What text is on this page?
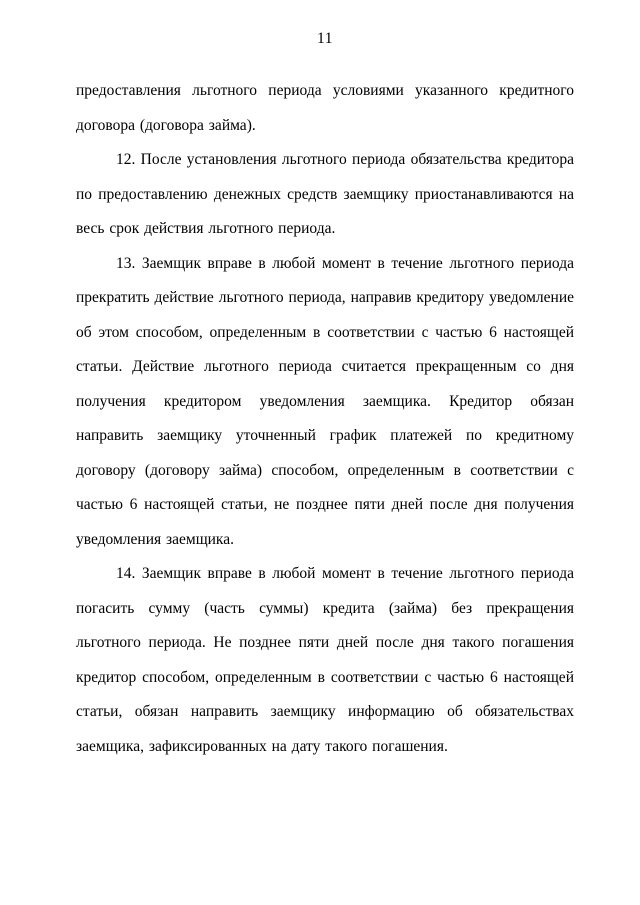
11

предоставления льготного периода условиями указанного кредитного договора (договора займа).

12. После установления льготного периода обязательства кредитора по предоставлению денежных средств заемщику приостанавливаются на весь срок действия льготного периода.

13. Заемщик вправе в любой момент в течение льготного периода прекратить действие льготного периода, направив кредитору уведомление об этом способом, определенным в соответствии с частью 6 настоящей статьи. Действие льготного периода считается прекращенным со дня получения кредитором уведомления заемщика. Кредитор обязан направить заемщику уточненный график платежей по кредитному договору (договору займа) способом, определенным в соответствии с частью 6 настоящей статьи, не позднее пяти дней после дня получения уведомления заемщика.

14. Заемщик вправе в любой момент в течение льготного периода погасить сумму (часть суммы) кредита (займа) без прекращения льготного периода. Не позднее пяти дней после дня такого погашения кредитор способом, определенным в соответствии с частью 6 настоящей статьи, обязан направить заемщику информацию об обязательствах заемщика, зафиксированных на дату такого погашения.
